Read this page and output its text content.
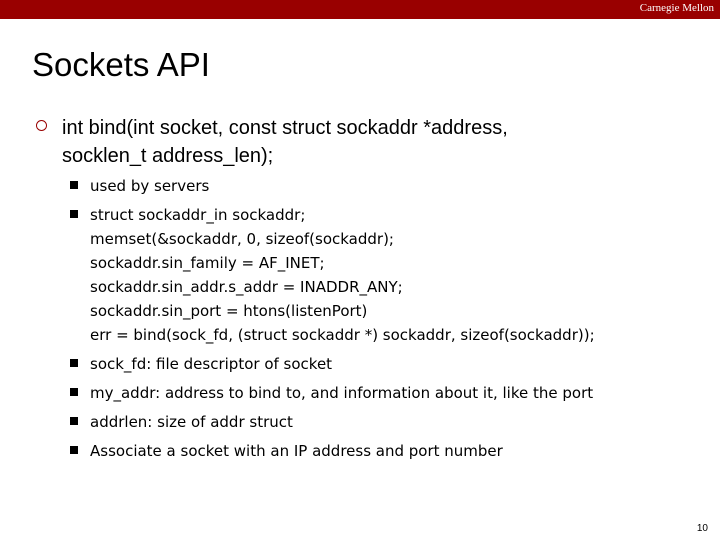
Carnegie Mellon
Sockets API
int bind(int socket, const struct sockaddr *address,
socklen_t address_len);
used by servers
struct sockaddr_in sockaddr;
memset(&sockaddr, 0, sizeof(sockaddr);
sockaddr.sin_family = AF_INET;
sockaddr.sin_addr.s_addr = INADDR_ANY;
sockaddr.sin_port = htons(listenPort)
err = bind(sock_fd, (struct sockaddr *) sockaddr, sizeof(sockaddr));
sock_fd: file descriptor of socket
my_addr: address to bind to, and information about it, like the port
addrlen: size of addr struct
Associate a socket with an IP address and port number
10
